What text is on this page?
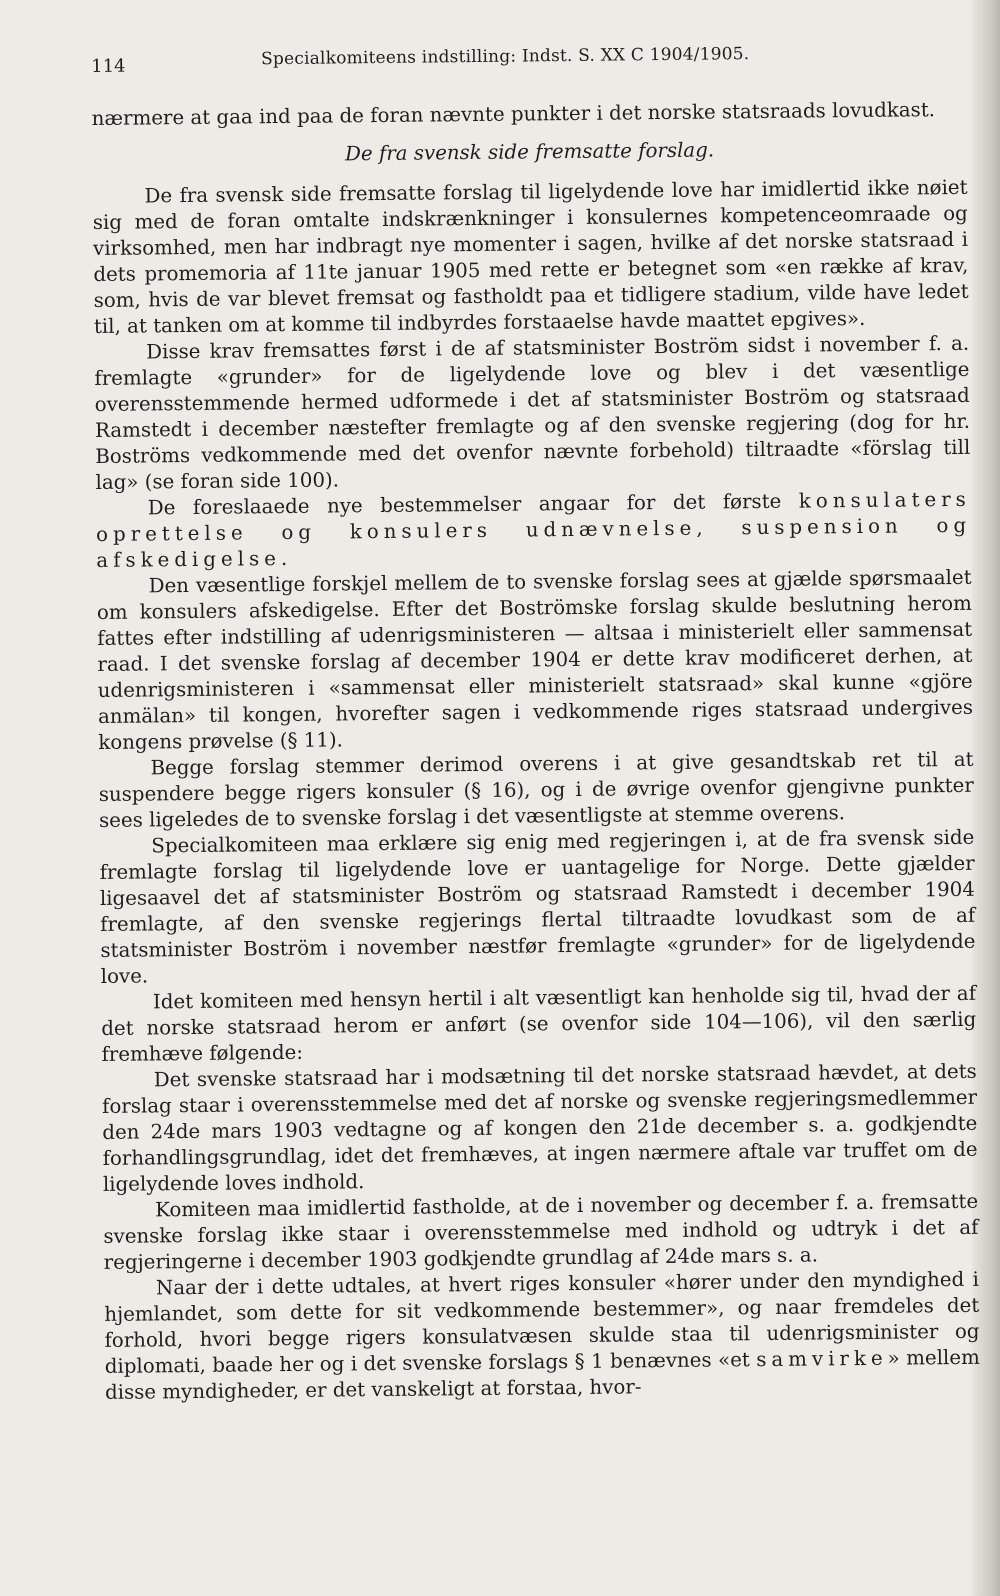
114	Specialkomiteens indstilling: Indst. S. XX C 1904/1905.

nærmere at gaa ind paa de foran nævnte punkter i det norske statsraads lovudkast.

De fra svensk side fremsatte forslag.

De fra svensk side fremsatte forslag til ligelydende love har imidlertid ikke nøiet sig med de foran omtalte indskrænkninger i konsulernes kompetenceomraade og virksomhed, men har indbragt nye momenter i sagen, hvilke af det norske statsraad i dets promemoria af 11te januar 1905 med rette er betegnet som «en række af krav, som, hvis de var blevet fremsat og fastholdt paa et tidligere stadium, vilde have ledet til, at tanken om at komme til indbyrdes forstaaelse havde maattet epgives».

Disse krav fremsattes først i de af statsminister Boström sidst i november f. a. fremlagte «grunder» for de ligelydende love og blev i det væsentlige overensstemmende hermed udformede i det af statsminister Boström og statsraad Ramstedt i december næstefter fremlagte og af den svenske regjering (dog for hr. Boströms vedkommende med det ovenfor nævnte forbehold) tiltraadte «förslag till lag» (se foran side 100).

De foreslaaede nye bestemmelser angaar for det første konsulaters oprettelse og konsulers udnævnelse, suspension og afskedigelse.

Den væsentlige forskjel mellem de to svenske forslag sees at gjælde spørsmaalet om konsulers afskedigelse. Efter det Boströmske forslag skulde beslutning herom fattes efter indstilling af udenrigsministeren — altsaa i ministerielt eller sammensat raad. I det svenske forslag af december 1904 er dette krav modificeret derhen, at udenrigsministeren i «sammensat eller ministerielt statsraad» skal kunne «gjöre anmälan» til kongen, hvorefter sagen i vedkommende riges statsraad undergives kongens prøvelse (§ 11).

Begge forslag stemmer derimod overens i at give gesandtskab ret til at suspendere begge rigers konsuler (§ 16), og i de øvrige ovenfor gjengivne punkter sees ligeledes de to svenske forslag i det væsentligste at stemme overens.

Specialkomiteen maa erklære sig enig med regjeringen i, at de fra svensk side fremlagte forslag til ligelydende love er uantagelige for Norge. Dette gjælder ligesaavel det af statsminister Boström og statsraad Ramstedt i december 1904 fremlagte, af den svenske regjerings flertal tiltraadte lovudkast som de af statsminister Boström i november næstfør fremlagte «grunder» for de ligelydende love.

Idet komiteen med hensyn hertil i alt væsentligt kan henholde sig til, hvad der af det norske statsraad herom er anført (se ovenfor side 104—106), vil den særlig fremhæve følgende:

Det svenske statsraad har i modsætning til det norske statsraad hævdet, at dets forslag staar i overensstemmelse med det af norske og svenske regjeringsmedlemmer den 24de mars 1903 vedtagne og af kongen den 21de december s. a. godkjendte forhandlingsgrundlag, idet det fremhæves, at ingen nærmere aftale var truffet om de ligelydende loves indhold.

Komiteen maa imidlertid fastholde, at de i november og december f. a. fremsatte svenske forslag ikke staar i overensstemmelse med indhold og udtryk i det af regjeringerne i december 1903 godkjendte grundlag af 24de mars s. a.

Naar der i dette udtales, at hvert riges konsuler «hører under den myndighed i hjemlandet, som dette for sit vedkommende bestemmer», og naar fremdeles det forhold, hvori begge rigers konsulatvæsen skulde staa til udenrigsminister og diplomati, baade her og i det svenske forslags § 1 benævnes «et samvirke» mellem disse myndigheder, er det vanskeligt at forstaa, hvor-
